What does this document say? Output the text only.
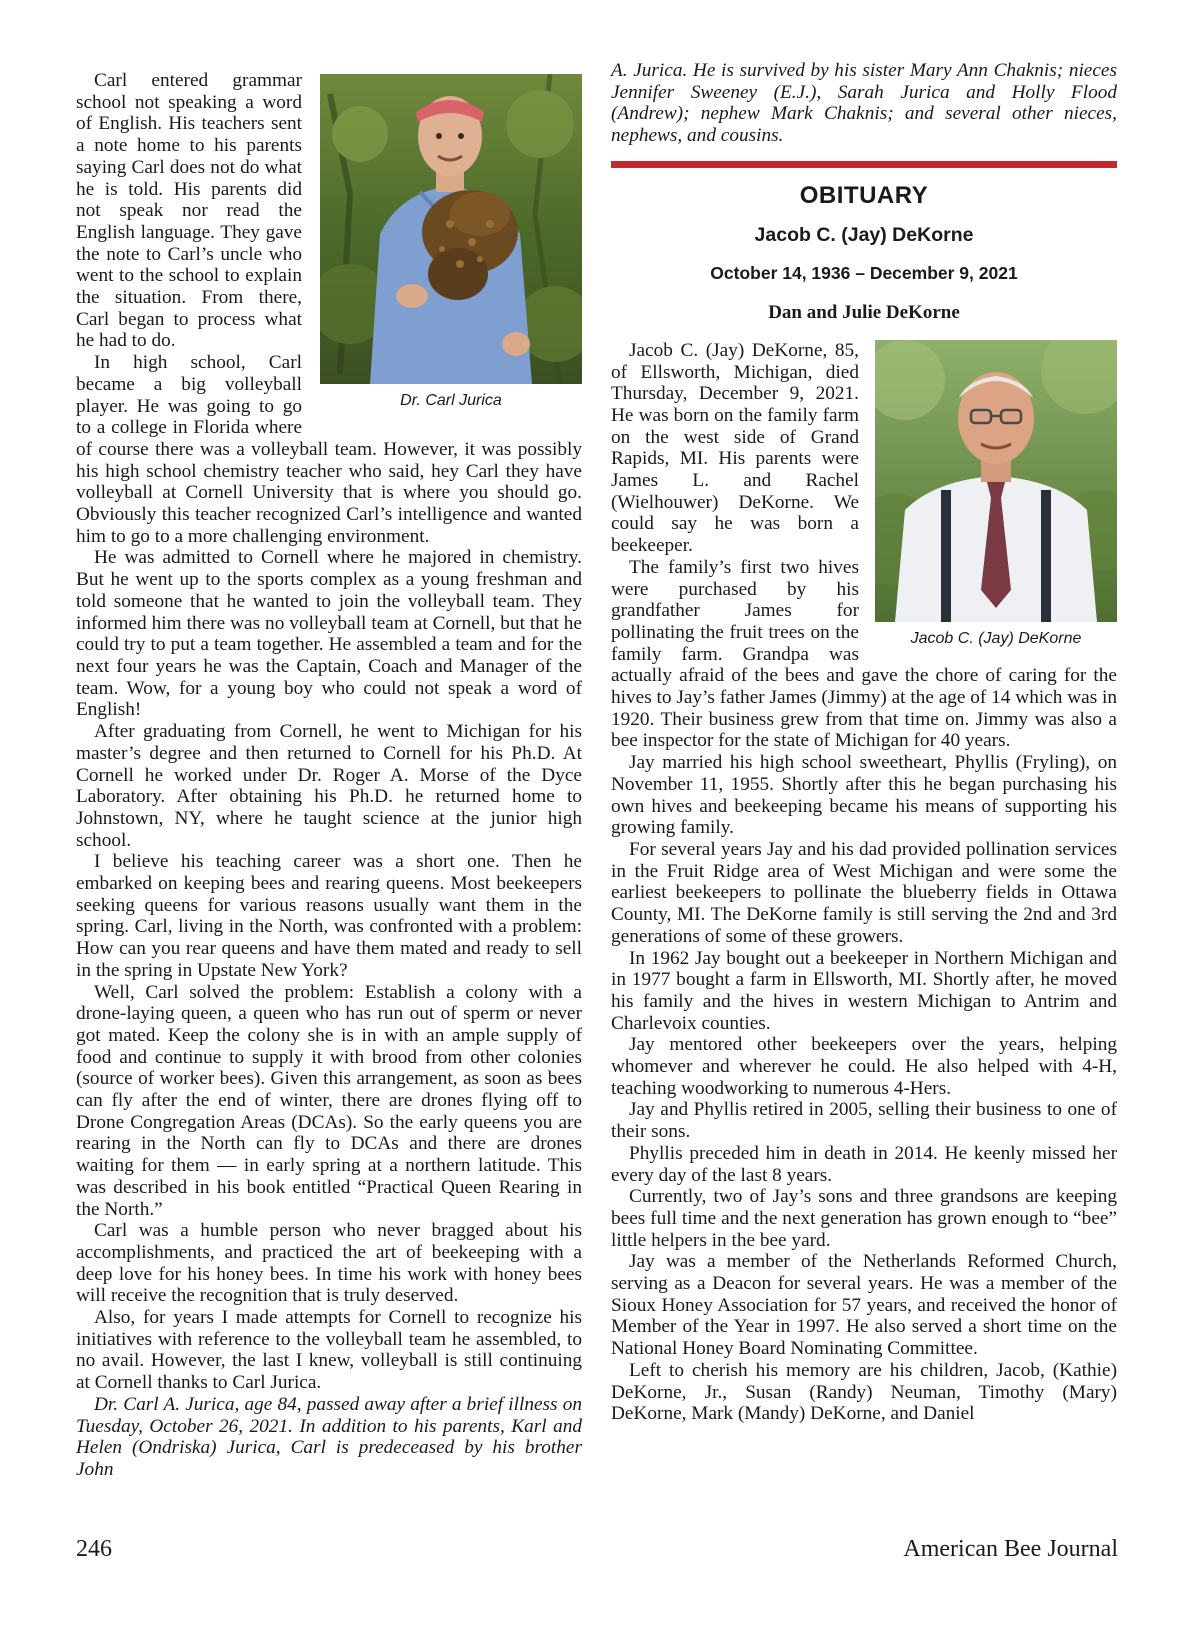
Dr. Carl Jurica

Carl entered grammar school not speaking a word of English. His teachers sent a note home to his parents saying Carl does not do what he is told. His parents did not speak nor read the English language. They gave the note to Carl’s uncle who went to the school to explain the situation. From there, Carl began to process what he had to do.

In high school, Carl became a big volleyball player. He was going to go to a college in Florida where of course there was a volleyball team. However, it was possibly his high school chemistry teacher who said, hey Carl they have volleyball at Cornell University that is where you should go. Obviously this teacher recognized Carl’s intelligence and wanted him to go to a more challenging environment.

He was admitted to Cornell where he majored in chemistry. But he went up to the sports complex as a young freshman and told someone that he wanted to join the volleyball team. They informed him there was no volleyball team at Cornell, but that he could try to put a team together. He assembled a team and for the next four years he was the Captain, Coach and Manager of the team. Wow, for a young boy who could not speak a word of English!

After graduating from Cornell, he went to Michigan for his master’s degree and then returned to Cornell for his Ph.D. At Cornell he worked under Dr. Roger A. Morse of the Dyce Laboratory. After obtaining his Ph.D. he returned home to Johnstown, NY, where he taught science at the junior high school.

I believe his teaching career was a short one. Then he embarked on keeping bees and rearing queens. Most beekeepers seeking queens for various reasons usually want them in the spring. Carl, living in the North, was confronted with a problem: How can you rear queens and have them mated and ready to sell in the spring in Upstate New York?

Well, Carl solved the problem: Establish a colony with a drone-laying queen, a queen who has run out of sperm or never got mated. Keep the colony she is in with an ample supply of food and continue to supply it with brood from other colonies (source of worker bees). Given this arrangement, as soon as bees can fly after the end of winter, there are drones flying off to Drone Congregation Areas (DCAs). So the early queens you are rearing in the North can fly to DCAs and there are drones waiting for them — in early spring at a northern latitude. This was described in his book entitled “Practical Queen Rearing in the North.”

Carl was a humble person who never bragged about his accomplishments, and practiced the art of beekeeping with a deep love for his honey bees. In time his work with honey bees will receive the recognition that is truly deserved.

Also, for years I made attempts for Cornell to recognize his initiatives with reference to the volleyball team he assembled, to no avail. However, the last I knew, volleyball is still continuing at Cornell thanks to Carl Jurica.

Dr. Carl A. Jurica, age 84, passed away after a brief illness on Tuesday, October 26, 2021. In addition to his parents, Karl and Helen (Ondriska) Jurica, Carl is predeceased by his brother John

A. Jurica. He is survived by his sister Mary Ann Chaknis; nieces Jennifer Sweeney (E.J.), Sarah Jurica and Holly Flood (Andrew); nephew Mark Chaknis; and several other nieces, nephews, and cousins.

OBITUARY
Jacob C. (Jay) DeKorne
October 14, 1936 – December 9, 2021
Dan and Julie DeKorne
Jacob C. (Jay) DeKorne

Jacob C. (Jay) DeKorne, 85, of Ellsworth, Michigan, died Thursday, December 9, 2021. He was born on the family farm on the west side of Grand Rapids, MI. His parents were James L. and Rachel (Wielhouwer) DeKorne. We could say he was born a beekeeper.

The family’s first two hives were purchased by his grandfather James for pollinating the fruit trees on the family farm. Grandpa was actually afraid of the bees and gave the chore of caring for the hives to Jay’s father James (Jimmy) at the age of 14 which was in 1920. Their business grew from that time on. Jimmy was also a bee inspector for the state of Michigan for 40 years.

Jay married his high school sweetheart, Phyllis (Fryling), on November 11, 1955. Shortly after this he began purchasing his own hives and beekeeping became his means of supporting his growing family.

For several years Jay and his dad provided pollination services in the Fruit Ridge area of West Michigan and were some the earliest beekeepers to pollinate the blueberry fields in Ottawa County, MI. The DeKorne family is still serving the 2nd and 3rd generations of some of these growers.

In 1962 Jay bought out a beekeeper in Northern Michigan and in 1977 bought a farm in Ellsworth, MI. Shortly after, he moved his family and the hives in western Michigan to Antrim and Charlevoix counties.

Jay mentored other beekeepers over the years, helping whomever and wherever he could. He also helped with 4-H, teaching woodworking to numerous 4-Hers.

Jay and Phyllis retired in 2005, selling their business to one of their sons.

Phyllis preceded him in death in 2014. He keenly missed her every day of the last 8 years.

Currently, two of Jay’s sons and three grandsons are keeping bees full time and the next generation has grown enough to “bee” little helpers in the bee yard.

Jay was a member of the Netherlands Reformed Church, serving as a Deacon for several years. He was a member of the Sioux Honey Association for 57 years, and received the honor of Member of the Year in 1997. He also served a short time on the National Honey Board Nominating Committee.

Left to cherish his memory are his children, Jacob, (Kathie) DeKorne, Jr., Susan (Randy) Neuman, Timothy (Mary) DeKorne, Mark (Mandy) DeKorne, and Daniel

246	American Bee Journal
